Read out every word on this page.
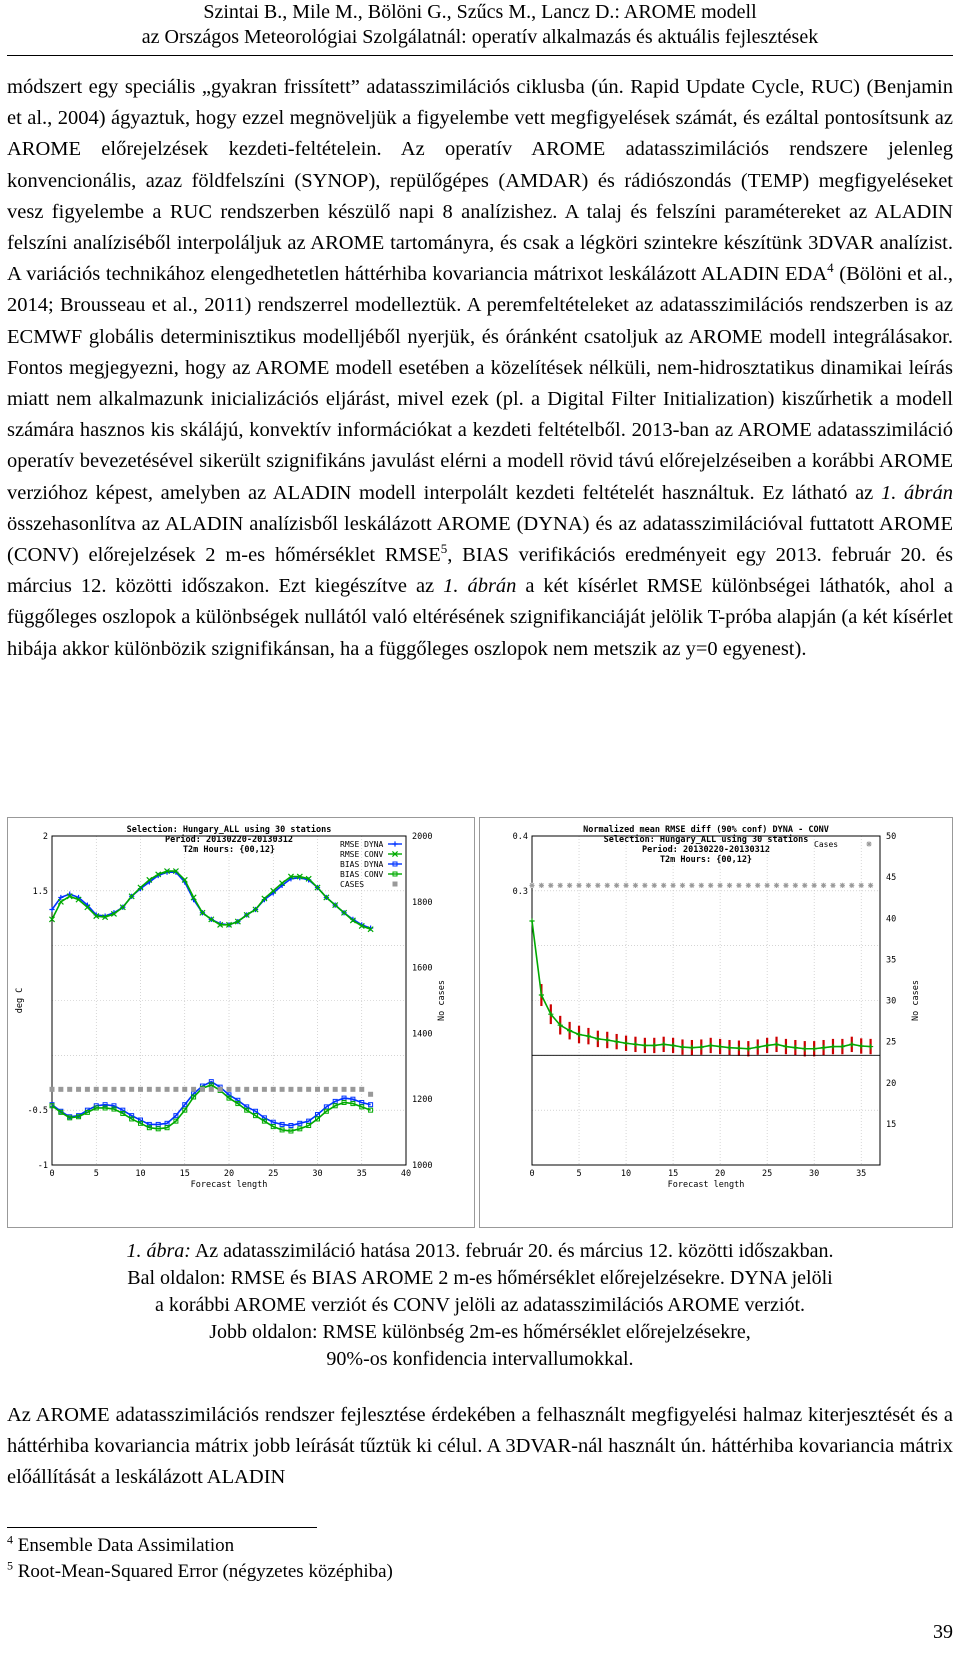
Szintai B., Mile M., Bölöni G., Szűcs M., Lancz D.: AROME modell
az Országos Meteorológiai Szolgálatnál: operatív alkalmazás és aktuális fejlesztések
módszert egy speciális „gyakran frissített” adatasszimilációs ciklusba (ún. Rapid Update Cycle, RUC) (Benjamin et al., 2004) ágyaztuk, hogy ezzel megnöveljük a figyelembe vett megfigyelések számát, és ezáltal pontosítsunk az AROME előrejelzések kezdeti-feltételein. Az operatív AROME adatasszimilációs rendszere jelenleg konvencionális, azaz földfelszíni (SYNOP), repülőgépes (AMDAR) és rádiószondás (TEMP) megfigyeléseket vesz figyelembe a RUC rendszerben készülő napi 8 analízishez. A talaj és felszíni paramétereket az ALADIN felszíni analíziséből interpoláljuk az AROME tartományra, és csak a légköri szintekre készítünk 3DVAR analízist. A variációs technikához elengedhetetlen háttérhiba kovariancia mátrixot leskálázott ALADIN EDA$^4$ (Bölöni et al., 2014; Brousseau et al., 2011) rendszerrel modelleztük. A peremfeltételeket az adatasszimilációs rendszerben is az ECMWF globális determinisztikus modelljéből nyerjük, és óránként csatoljuk az AROME modell integrálásakor. Fontos megjegyezni, hogy az AROME modell esetében a közelítések nélküli, nem-hidrosztatikus dinamikai leírás miatt nem alkalmazunk inicializációs eljárást, mivel ezek (pl. a Digital Filter Initialization) kiszűrhetik a modell számára hasznos kis skálájú, konvektív információkat a kezdeti feltételből. 2013-ban az AROME adatasszimiláció operatív bevezetésével sikerült szignifikáns javulást elérni a modell rövid távú előrejelzéseiben a korábbi AROME verzióhoz képest, amelyben az ALADIN modell interpolált kezdeti feltételét használtuk. Ez látható az 1. ábrán összehasonlítva az ALADIN analízisből leskálázott AROME (DYNA) és az adatasszimilációval futtatott AROME (CONV) előrejelzések 2 m-es hőmérséklet RMSE$^5$, BIAS verifikációs eredményeit egy 2013. február 20. és március 12. közötti időszakon. Ezt kiegészítve az 1. ábrán a két kísérlet RMSE különbségei láthatók, ahol a függőleges oszlopok a különbségek nullától való eltérésének szignifikanciáját jelölik T-próba alapján (a két kísérlet hibája akkor különbözik szignifikánsan, ha a függőleges oszlopok nem metszik az y=0 egyenest).
Selection: Hungary_ALL using 30 stations
Period: 20130220-20130312
T2m Hours: {00,12}
0	5	10	15	20	25	30	35	40
-1
-0.5
1.5
2
1000
1200
1400
1600
1800
2000
Forecast length
deg C	No cases
RMSE DYNA
RMSE CONV
BIAS DYNA
BIAS CONV
CASES
Normalized mean RMSE diff (90% conf) DYNA - CONV
Selection: Hungary_ALL using 30 stations
Period: 20130220-20130312
T2m Hours: {00,12}
0	5	10	15	20	25	30	35
0.3
0.4
15
20
25
30
35
40
45
50
Forecast length
No cases
Cases
1. ábra: Az adatasszimiláció hatása 2013. február 20. és március 12. közötti időszakban.
Bal oldalon: RMSE és BIAS AROME 2 m-es hőmérséklet előrejelzésekre. DYNA jelöli
a korábbi AROME verziót és CONV jelöli az adatasszimilációs AROME verziót.
Jobb oldalon: RMSE különbség 2m-es hőmérséklet előrejelzésekre,
90%-os konfidencia intervallumokkal.
Az AROME adatasszimilációs rendszer fejlesztése érdekében a felhasznált megfigyelési halmaz kiterjesztését és a háttérhiba kovariancia mátrix jobb leírását tűztük ki célul. A 3DVAR-nál használt ún. háttérhiba kovariancia mátrix előállítását a leskálázott ALADIN
$^4$ Ensemble Data Assimilation
$^5$ Root-Mean-Squared Error (négyzetes középhiba)
39
